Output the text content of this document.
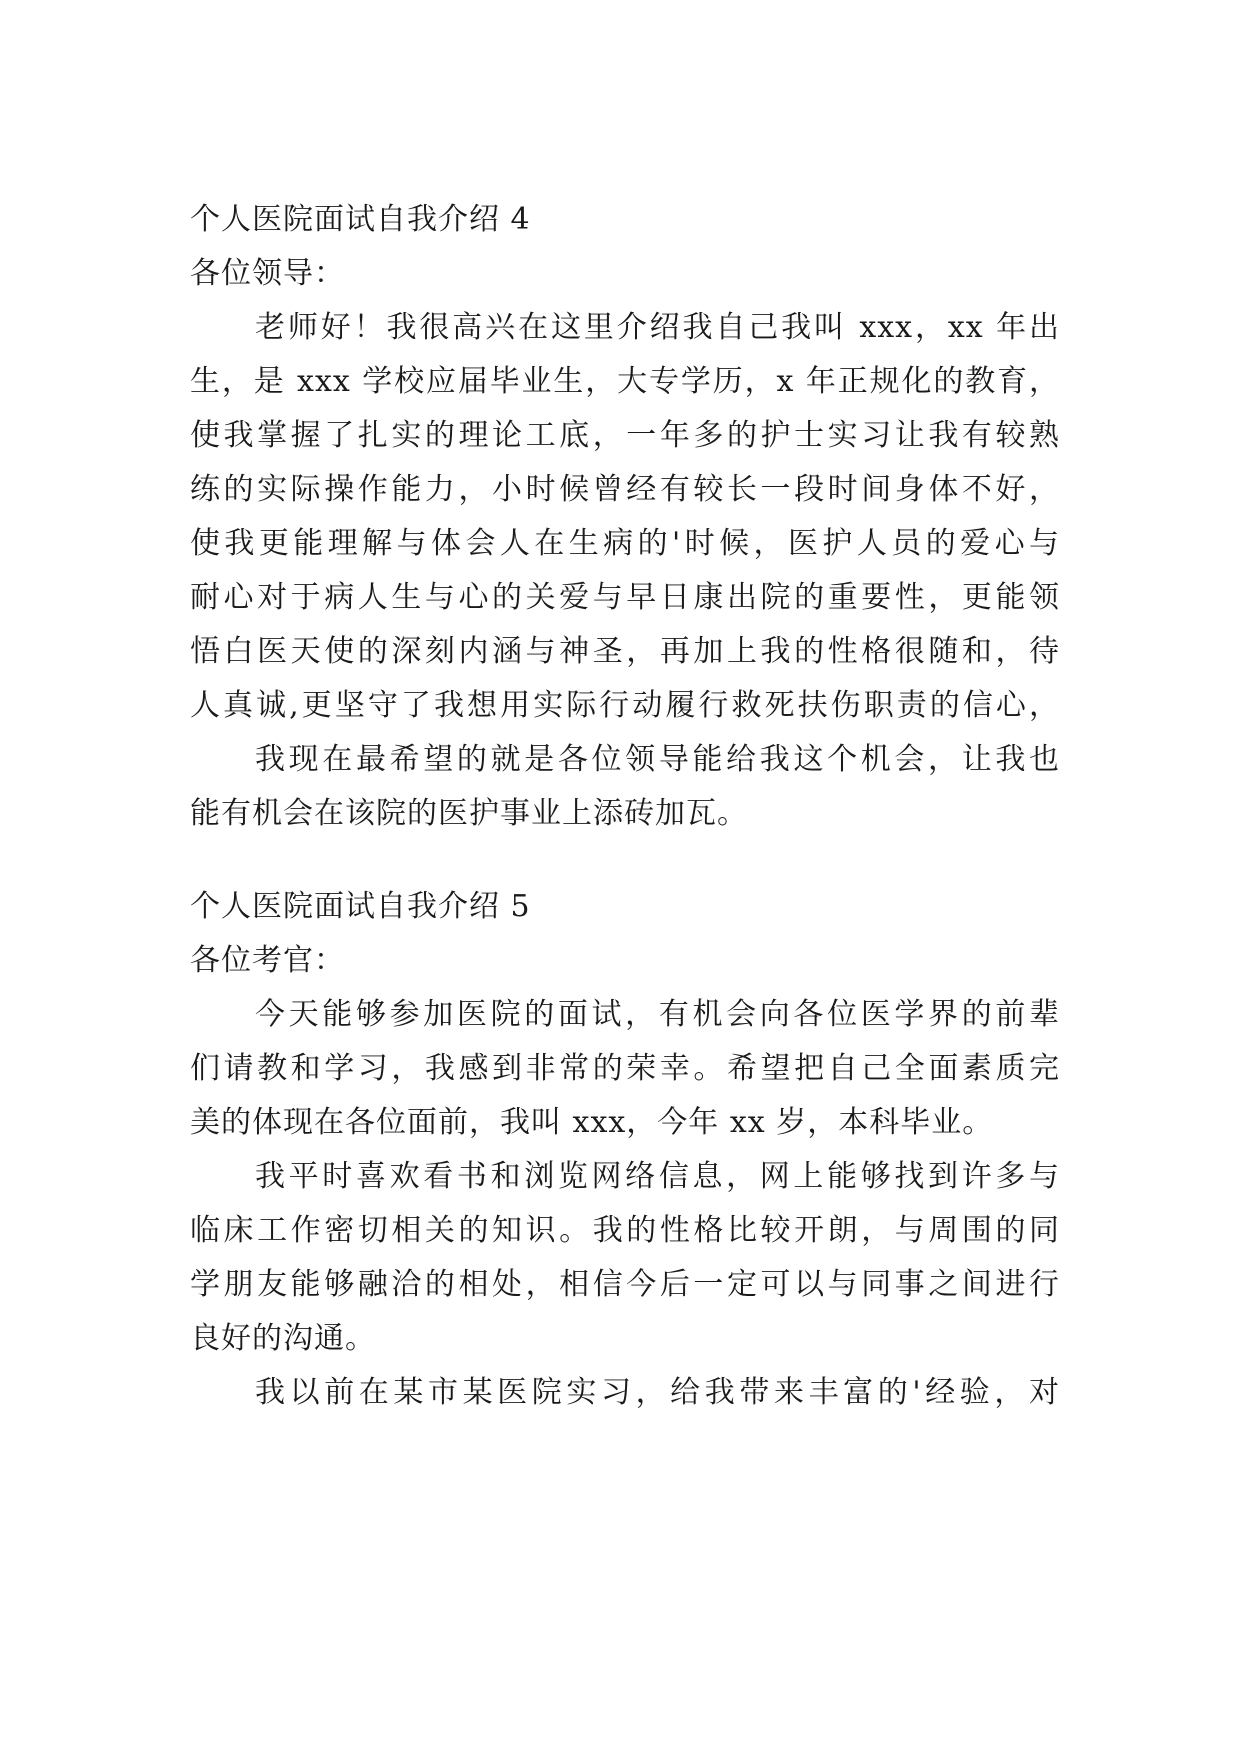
个人医院面试自我介绍 4
各位领导：
老师好！我很高兴在这里介绍我自己我叫 xxx，xx 年出
生，是 xxx 学校应届毕业生，大专学历，x 年正规化的教育，
使我掌握了扎实的理论工底，一年多的护士实习让我有较熟
练的实际操作能力，小时候曾经有较长一段时间身体不好，
使我更能理解与体会人在生病的'时候，医护人员的爱心与
耐心对于病人生与心的关爱与早日康出院的重要性，更能领
悟白医天使的深刻内涵与神圣，再加上我的性格很随和，待
人真诚,更坚守了我想用实际行动履行救死扶伤职责的信心，
我现在最希望的就是各位领导能给我这个机会，让我也
能有机会在该院的医护事业上添砖加瓦。
个人医院面试自我介绍 5
各位考官：
今天能够参加医院的面试，有机会向各位医学界的前辈
们请教和学习，我感到非常的荣幸。希望把自己全面素质完
美的体现在各位面前，我叫 xxx，今年 xx 岁，本科毕业。
我平时喜欢看书和浏览网络信息，网上能够找到许多与
临床工作密切相关的知识。我的性格比较开朗，与周围的同
学朋友能够融洽的相处，相信今后一定可以与同事之间进行
良好的沟通。
我以前在某市某医院实习，给我带来丰富的'经验，对
